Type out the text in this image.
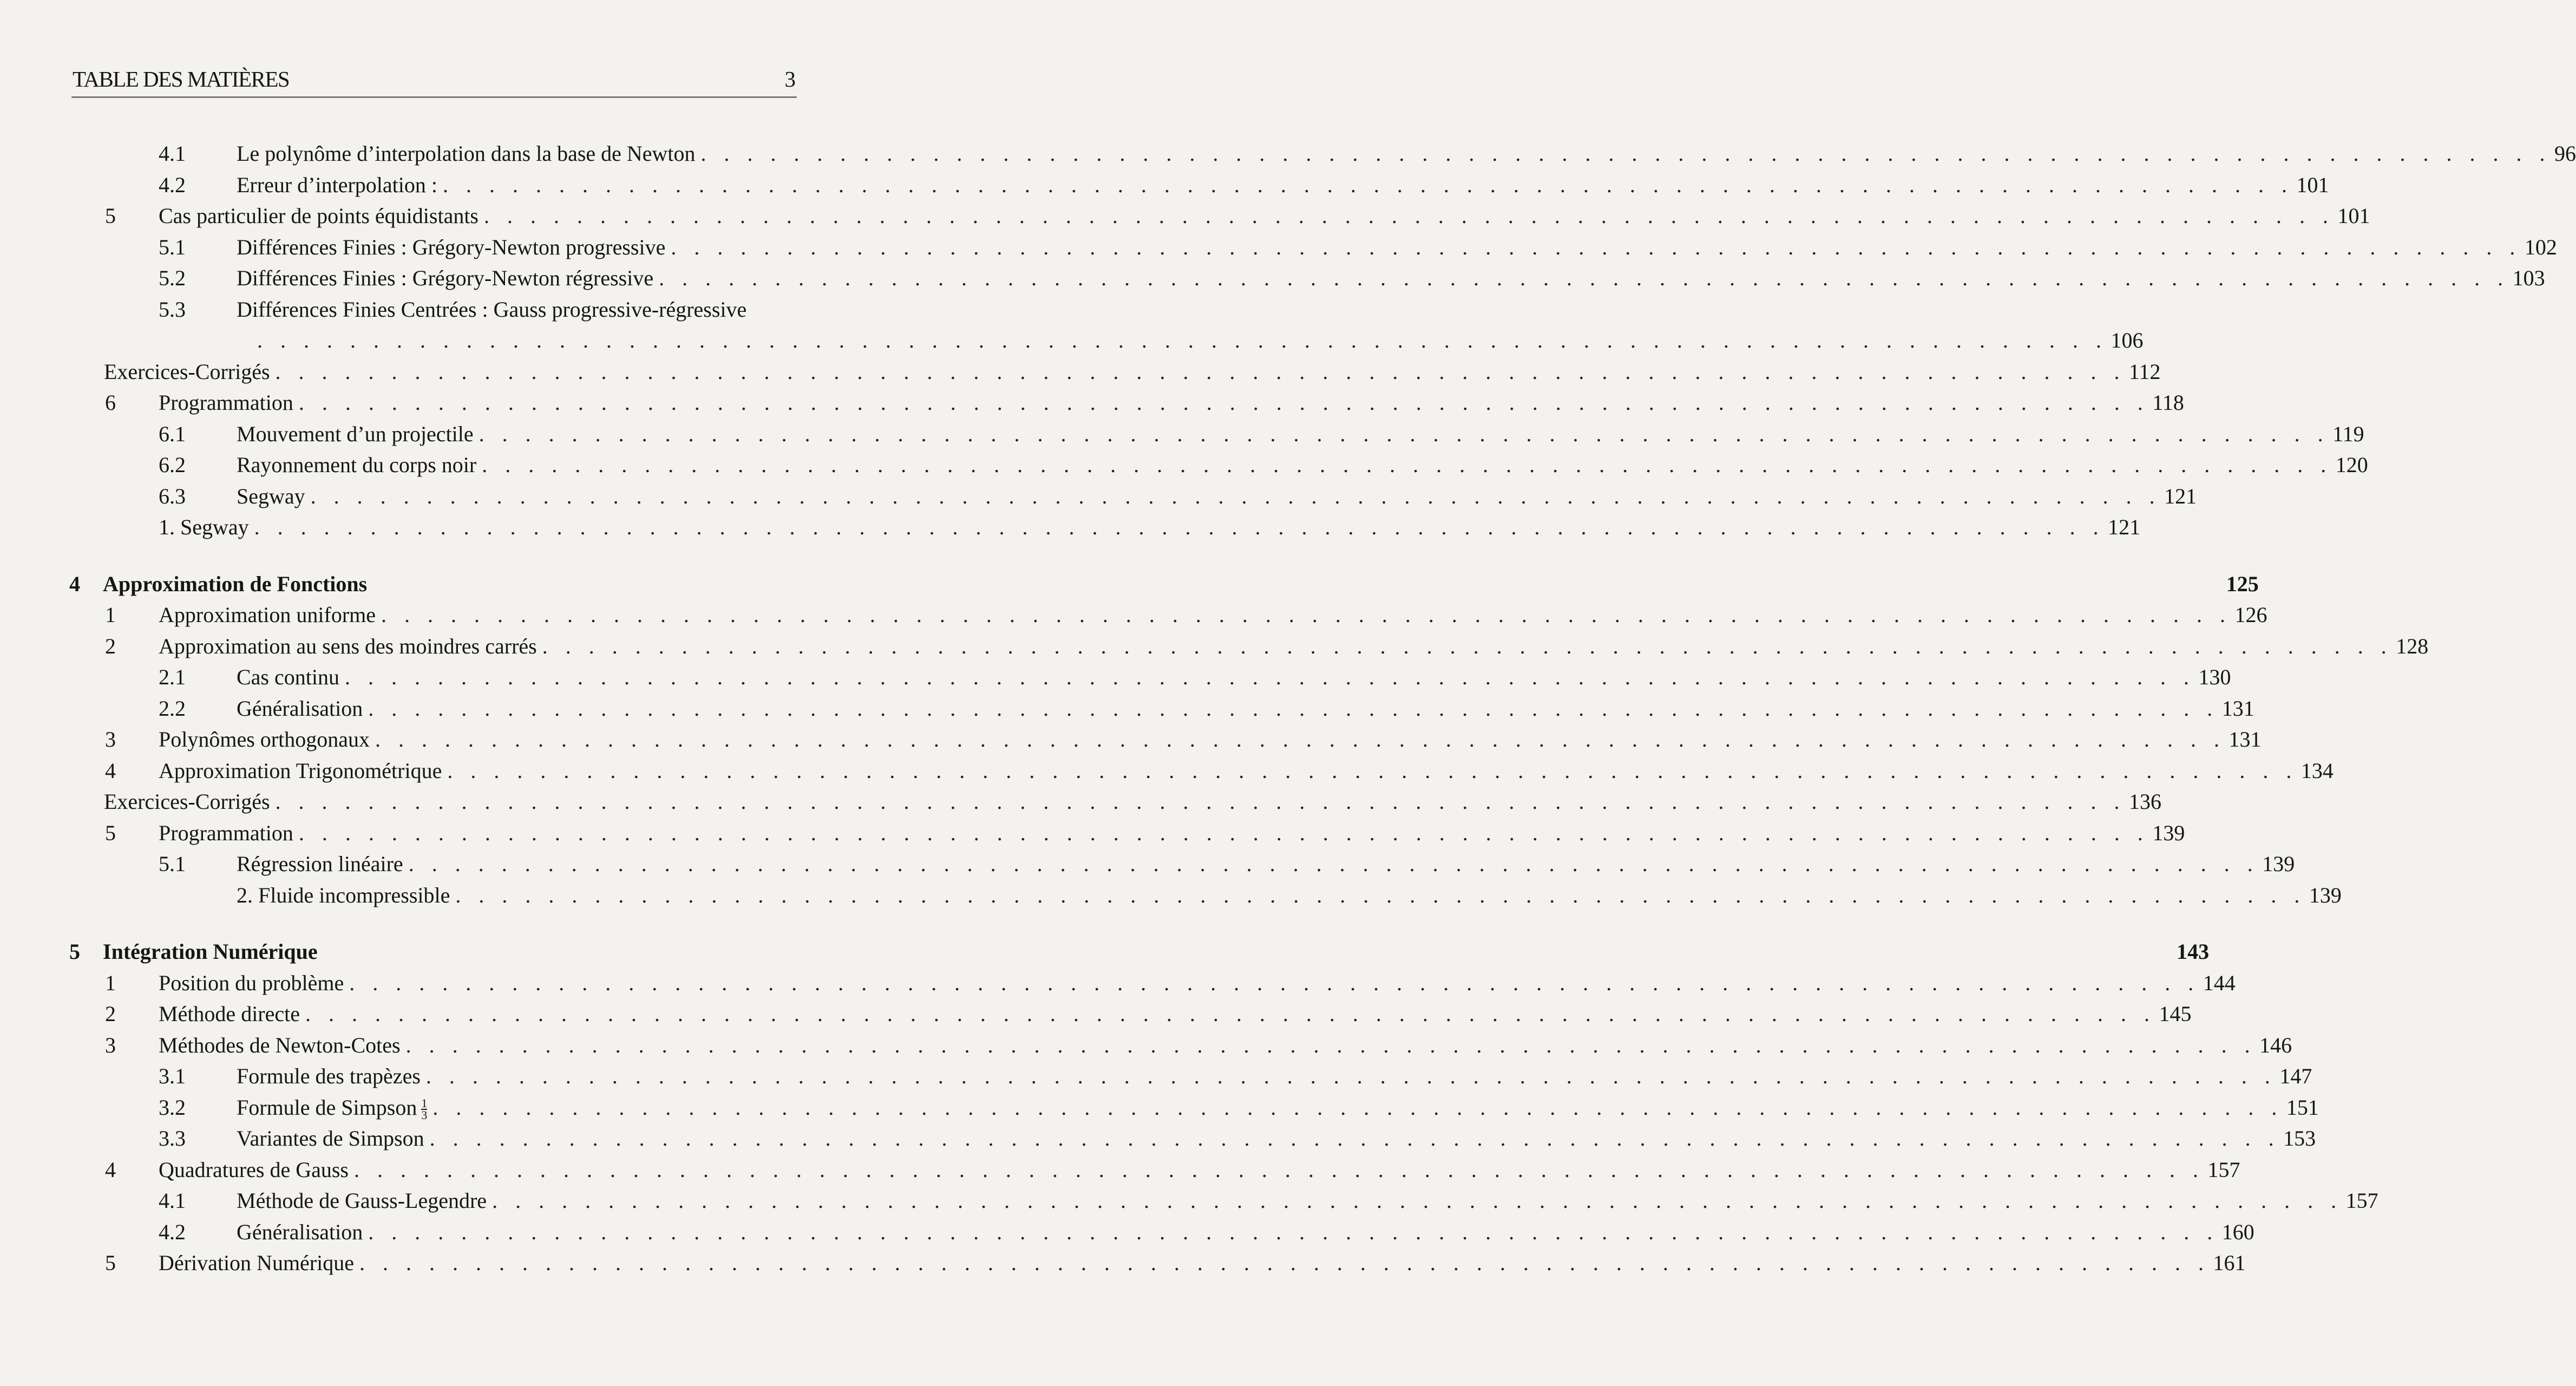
TABLE DES MATIÈRES	3
4.1 Le polynôme d’interpolation dans la base de Newton . . . . . . . . . . . . . . . . . . . . . . . . . . . . . . . . . . . . . . . . . . . . . . . . . . . . . . . . . . . . . . . . . . . . . . . . . . . . . . . . 96
4.2 Erreur d’interpolation : . . . . . . . . . . . . . . . . . . . . . . . . . . . . . . . . . . . . . . . . . . . . . . . . . . . . . . . . . . . . . . . . . . . . . . . . . . . . . . . . 101
5 Cas particulier de points équidistants . . . . . . . . . . . . . . . . . . . . . . . . . . . . . . . . . . . . . . . . . . . . . . . . . . . . . . . . . . . . . . . . . . . . . . . . . . . . . . . . 101
5.1 Différences Finies : Grégory-Newton progressive . . . . . . . . . . . . . . . . . . . . . . . . . . . . . . . . . . . . . . . . . . . . . . . . . . . . . . . . . . . . . . . . . . . . . . . . . . . . . . . . 102
5.2 Différences Finies : Grégory-Newton régressive . . . . . . . . . . . . . . . . . . . . . . . . . . . . . . . . . . . . . . . . . . . . . . . . . . . . . . . . . . . . . . . . . . . . . . . . . . . . . . . . 103
5.3 Différences Finies Centrées : Gauss progressive-régressive
. . . . . . . . . . . . . . . . . . . . . . . . . . . . . . . . . . . . . . . . . . . . . . . . . . . . . . . . . . . . . . . . . . . . . . . . . . . . . . . . 106
Exercices-Corrigés . . . . . . . . . . . . . . . . . . . . . . . . . . . . . . . . . . . . . . . . . . . . . . . . . . . . . . . . . . . . . . . . . . . . . . . . . . . . . . . . 112
6 Programmation . . . . . . . . . . . . . . . . . . . . . . . . . . . . . . . . . . . . . . . . . . . . . . . . . . . . . . . . . . . . . . . . . . . . . . . . . . . . . . . . 118
6.1 Mouvement d’un projectile . . . . . . . . . . . . . . . . . . . . . . . . . . . . . . . . . . . . . . . . . . . . . . . . . . . . . . . . . . . . . . . . . . . . . . . . . . . . . . . . 119
6.2 Rayonnement du corps noir . . . . . . . . . . . . . . . . . . . . . . . . . . . . . . . . . . . . . . . . . . . . . . . . . . . . . . . . . . . . . . . . . . . . . . . . . . . . . . . . 120
6.3 Segway . . . . . . . . . . . . . . . . . . . . . . . . . . . . . . . . . . . . . . . . . . . . . . . . . . . . . . . . . . . . . . . . . . . . . . . . . . . . . . . . 121
1. Segway . . . . . . . . . . . . . . . . . . . . . . . . . . . . . . . . . . . . . . . . . . . . . . . . . . . . . . . . . . . . . . . . . . . . . . . . . . . . . . . . 121
4 Approximation de Fonctions	125
1 Approximation uniforme . . . . . . . . . . . . . . . . . . . . . . . . . . . . . . . . . . . . . . . . . . . . . . . . . . . . . . . . . . . . . . . . . . . . . . . . . . . . . . . . 126
2 Approximation au sens des moindres carrés . . . . . . . . . . . . . . . . . . . . . . . . . . . . . . . . . . . . . . . . . . . . . . . . . . . . . . . . . . . . . . . . . . . . . . . . . . . . . . . . 128
2.1 Cas continu . . . . . . . . . . . . . . . . . . . . . . . . . . . . . . . . . . . . . . . . . . . . . . . . . . . . . . . . . . . . . . . . . . . . . . . . . . . . . . . . 130
2.2 Généralisation . . . . . . . . . . . . . . . . . . . . . . . . . . . . . . . . . . . . . . . . . . . . . . . . . . . . . . . . . . . . . . . . . . . . . . . . . . . . . . . . 131
3 Polynômes orthogonaux . . . . . . . . . . . . . . . . . . . . . . . . . . . . . . . . . . . . . . . . . . . . . . . . . . . . . . . . . . . . . . . . . . . . . . . . . . . . . . . . 131
4 Approximation Trigonométrique . . . . . . . . . . . . . . . . . . . . . . . . . . . . . . . . . . . . . . . . . . . . . . . . . . . . . . . . . . . . . . . . . . . . . . . . . . . . . . . . 134
Exercices-Corrigés . . . . . . . . . . . . . . . . . . . . . . . . . . . . . . . . . . . . . . . . . . . . . . . . . . . . . . . . . . . . . . . . . . . . . . . . . . . . . . . . 136
5 Programmation . . . . . . . . . . . . . . . . . . . . . . . . . . . . . . . . . . . . . . . . . . . . . . . . . . . . . . . . . . . . . . . . . . . . . . . . . . . . . . . . 139
5.1 Régression linéaire . . . . . . . . . . . . . . . . . . . . . . . . . . . . . . . . . . . . . . . . . . . . . . . . . . . . . . . . . . . . . . . . . . . . . . . . . . . . . . . . 139
2. Fluide incompressible . . . . . . . . . . . . . . . . . . . . . . . . . . . . . . . . . . . . . . . . . . . . . . . . . . . . . . . . . . . . . . . . . . . . . . . . . . . . . . . . 139
5 Intégration Numérique	143
1 Position du problème . . . . . . . . . . . . . . . . . . . . . . . . . . . . . . . . . . . . . . . . . . . . . . . . . . . . . . . . . . . . . . . . . . . . . . . . . . . . . . . . 144
2 Méthode directe . . . . . . . . . . . . . . . . . . . . . . . . . . . . . . . . . . . . . . . . . . . . . . . . . . . . . . . . . . . . . . . . . . . . . . . . . . . . . . . . 145
3 Méthodes de Newton-Cotes . . . . . . . . . . . . . . . . . . . . . . . . . . . . . . . . . . . . . . . . . . . . . . . . . . . . . . . . . . . . . . . . . . . . . . . . . . . . . . . . 146
3.1 Formule des trapèzes . . . . . . . . . . . . . . . . . . . . . . . . . . . . . . . . . . . . . . . . . . . . . . . . . . . . . . . . . . . . . . . . . . . . . . . . . . . . . . . . 147
3.2 Formule de Simpson $\frac{1}{3}$ . . . . . . . . . . . . . . . . . . . . . . . . . . . . . . . . . . . . . . . . . . . . . . . . . . . . . . . . . . . . . . . . . . . . . . . . . . . . . . . . 151
3.3 Variantes de Simpson . . . . . . . . . . . . . . . . . . . . . . . . . . . . . . . . . . . . . . . . . . . . . . . . . . . . . . . . . . . . . . . . . . . . . . . . . . . . . . . . 153
4 Quadratures de Gauss . . . . . . . . . . . . . . . . . . . . . . . . . . . . . . . . . . . . . . . . . . . . . . . . . . . . . . . . . . . . . . . . . . . . . . . . . . . . . . . . 157
4.1 Méthode de Gauss-Legendre . . . . . . . . . . . . . . . . . . . . . . . . . . . . . . . . . . . . . . . . . . . . . . . . . . . . . . . . . . . . . . . . . . . . . . . . . . . . . . . . 157
4.2 Généralisation . . . . . . . . . . . . . . . . . . . . . . . . . . . . . . . . . . . . . . . . . . . . . . . . . . . . . . . . . . . . . . . . . . . . . . . . . . . . . . . . 160
5 Dérivation Numérique . . . . . . . . . . . . . . . . . . . . . . . . . . . . . . . . . . . . . . . . . . . . . . . . . . . . . . . . . . . . . . . . . . . . . . . . . . . . . . . . 161
